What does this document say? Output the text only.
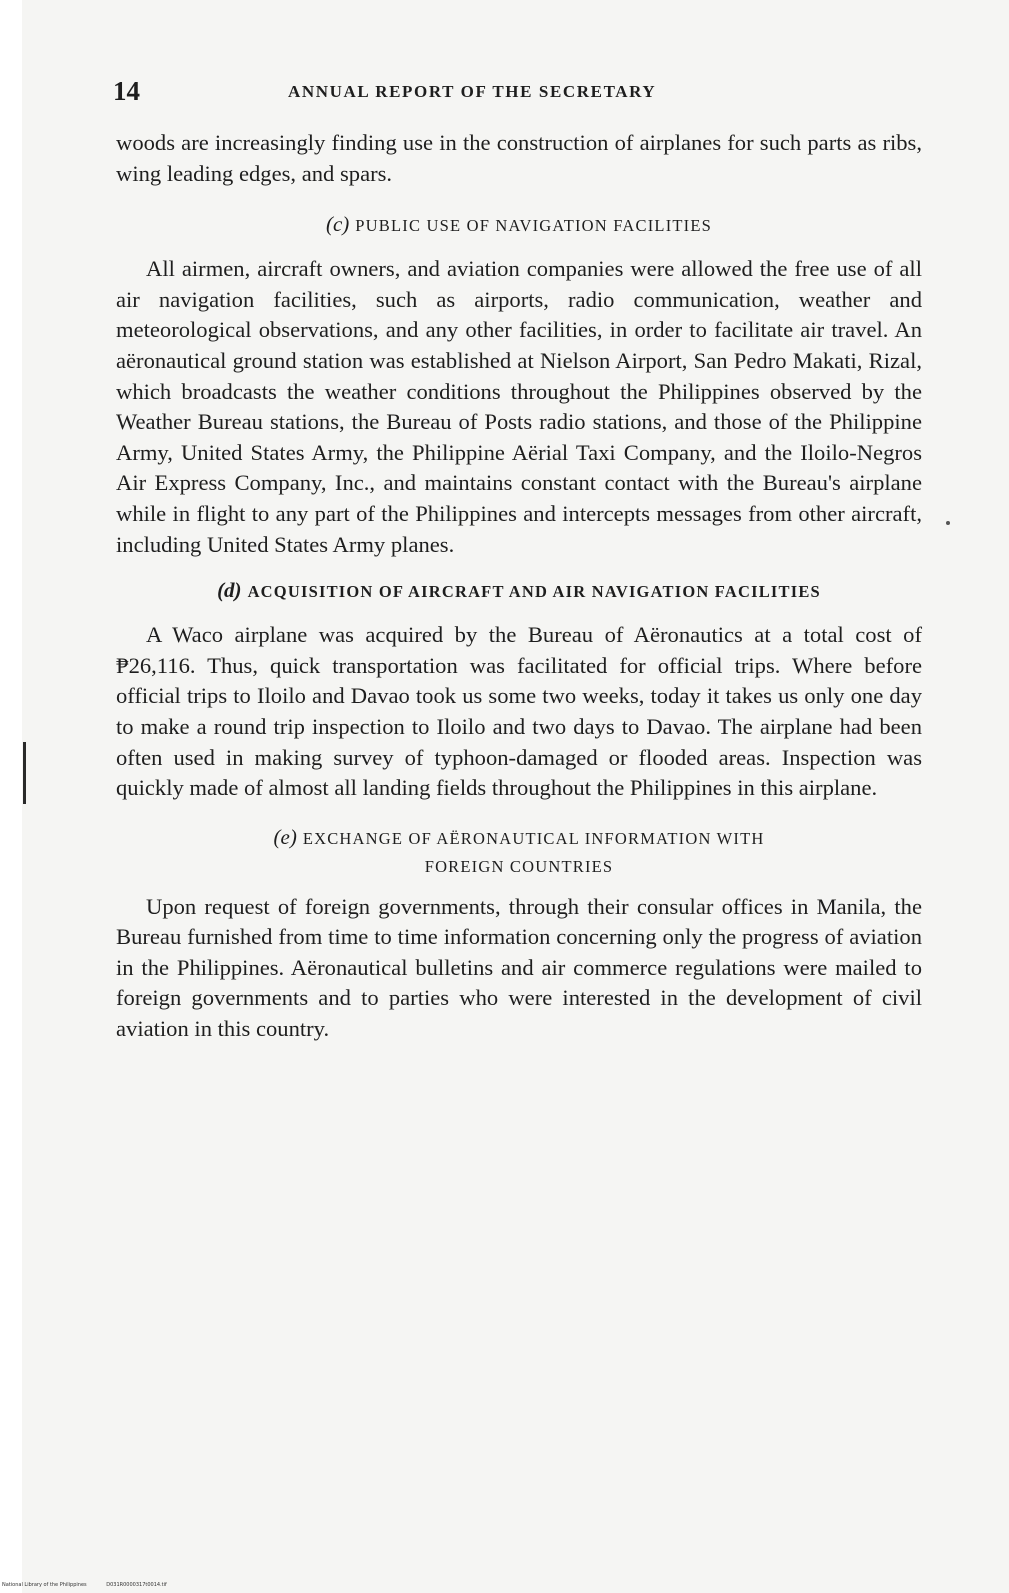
14	ANNUAL REPORT OF THE SECRETARY

woods are increasingly finding use in the construction of airplanes for such parts as ribs, wing leading edges, and spars.

(c) PUBLIC USE OF NAVIGATION FACILITIES

All airmen, aircraft owners, and aviation companies were allowed the free use of all air navigation facilities, such as airports, radio communication, weather and meteorological observations, and any other facilities, in order to facilitate air travel. An aëronautical ground station was established at Nielson Airport, San Pedro Makati, Rizal, which broadcasts the weather conditions throughout the Philippines observed by the Weather Bureau stations, the Bureau of Posts radio stations, and those of the Philippine Army, United States Army, the Philippine Aërial Taxi Company, and the Iloilo-Negros Air Express Company, Inc., and maintains constant contact with the Bureau's airplane while in flight to any part of the Philippines and intercepts messages from other aircraft, including United States Army planes.

(d) ACQUISITION OF AIRCRAFT AND AIR NAVIGATION FACILITIES

A Waco airplane was acquired by the Bureau of Aëronautics at a total cost of ₱26,116. Thus, quick transportation was facilitated for official trips. Where before official trips to Iloilo and Davao took us some two weeks, today it takes us only one day to make a round trip inspection to Iloilo and two days to Davao. The airplane had been often used in making survey of typhoon-damaged or flooded areas. Inspection was quickly made of almost all landing fields throughout the Philippines in this airplane.

(e) EXCHANGE OF AËRONAUTICAL INFORMATION WITH
FOREIGN COUNTRIES

Upon request of foreign governments, through their consular offices in Manila, the Bureau furnished from time to time information concerning only the progress of aviation in the Philippines. Aëronautical bulletins and air commerce regulations were mailed to foreign governments and to parties who were interested in the development of civil aviation in this country.

National Library of the Philippines	D031R0000317t0014.tif
